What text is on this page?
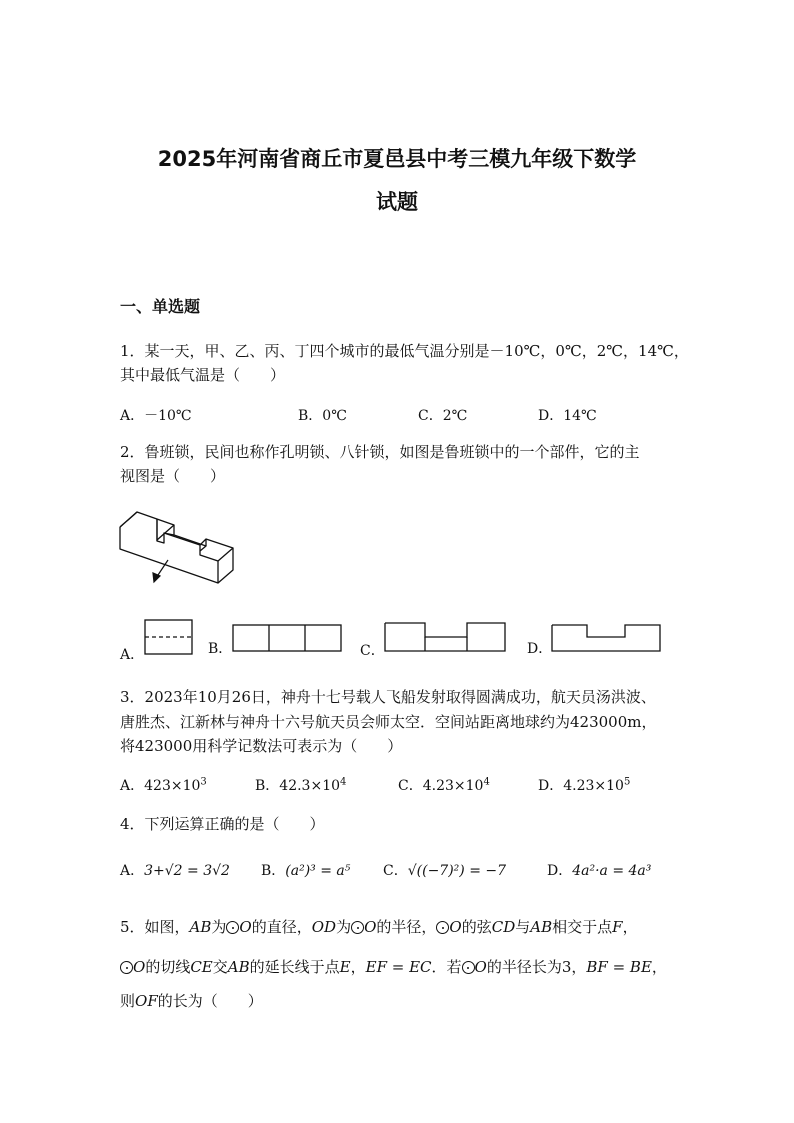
2025年河南省商丘市夏邑县中考三模九年级下数学
试题
一、单选题
1．某一天，甲、乙、丙、丁四个城市的最低气温分别是－10℃，0℃，2℃，14℃，
其中最低气温是（　　）
A．－10℃	B．0℃	C．2℃	D．14℃
2．鲁班锁，民间也称作孔明锁、八针锁，如图是鲁班锁中的一个部件，它的主
视图是（　　）
A．	B．	C．	D．
3．2023年10月26日，神舟十七号载人飞船发射取得圆满成功，航天员汤洪波、
唐胜杰、江新林与神舟十六号航天员会师太空．空间站距离地球约为423000m，
将423000用科学记数法可表示为（　　）
A．$423\times 10^3$	B．$42.3\times 10^4$	C．$4.23\times 10^4$	D．$4.23\times 10^5$
4．下列运算正确的是（　　）
A．3+√2 = 3√2 B．(a²)³ = a⁵ C．√((−7)²) = −7	D．4a²·a = 4a³
5．如图，AB为 O的直径，OD为 O的半径， O的弦CD与AB相交于点F，
O的切线CE交AB的延长线于点E，EF = EC．若 O的半径长为3，BF = BE，
则OF的长为（　　）
